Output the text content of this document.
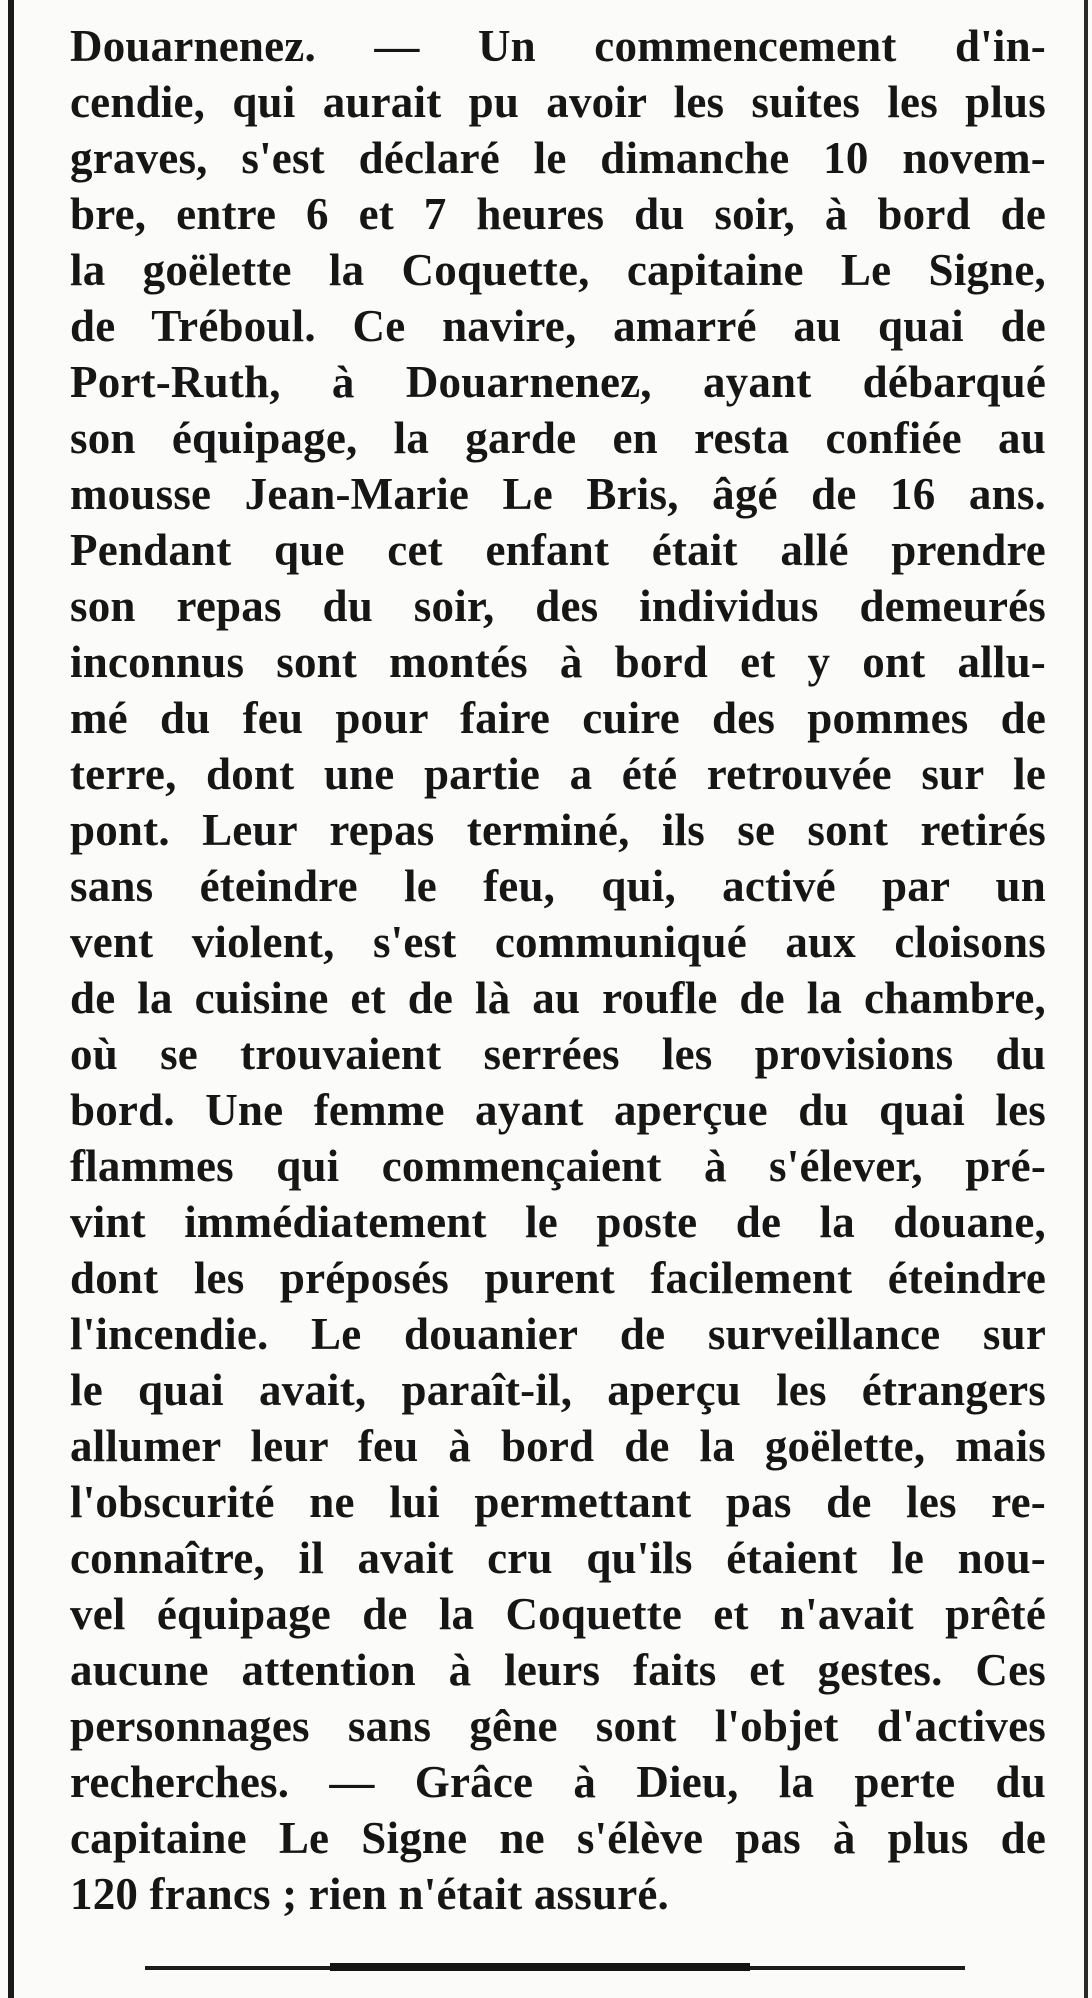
Douarnenez. — Un commencement d'in-
cendie, qui aurait pu avoir les suites les plus
graves, s'est déclaré le dimanche 10 novem-
bre, entre 6 et 7 heures du soir, à bord de
la goëlette la Coquette, capitaine Le Signe,
de Tréboul. Ce navire, amarré au quai de
Port-Ruth, à Douarnenez, ayant débarqué
son équipage, la garde en resta confiée au
mousse Jean-Marie Le Bris, âgé de 16 ans.
Pendant que cet enfant était allé prendre
son repas du soir, des individus demeurés
inconnus sont montés à bord et y ont allu-
mé du feu pour faire cuire des pommes de
terre, dont une partie a été retrouvée sur le
pont. Leur repas terminé, ils se sont retirés
sans éteindre le feu, qui, activé par un
vent violent, s'est communiqué aux cloisons
de la cuisine et de là au roufle de la chambre,
où se trouvaient serrées les provisions du
bord. Une femme ayant aperçue du quai les
flammes qui commençaient à s'élever, pré-
vint immédiatement le poste de la douane,
dont les préposés purent facilement éteindre
l'incendie. Le douanier de surveillance sur
le quai avait, paraît-il, aperçu les étrangers
allumer leur feu à bord de la goëlette, mais
l'obscurité ne lui permettant pas de les re-
connaître, il avait cru qu'ils étaient le nou-
vel équipage de la Coquette et n'avait prêté
aucune attention à leurs faits et gestes. Ces
personnages sans gêne sont l'objet d'actives
recherches. — Grâce à Dieu, la perte du
capitaine Le Signe ne s'élève pas à plus de
120 francs ; rien n'était assuré.
